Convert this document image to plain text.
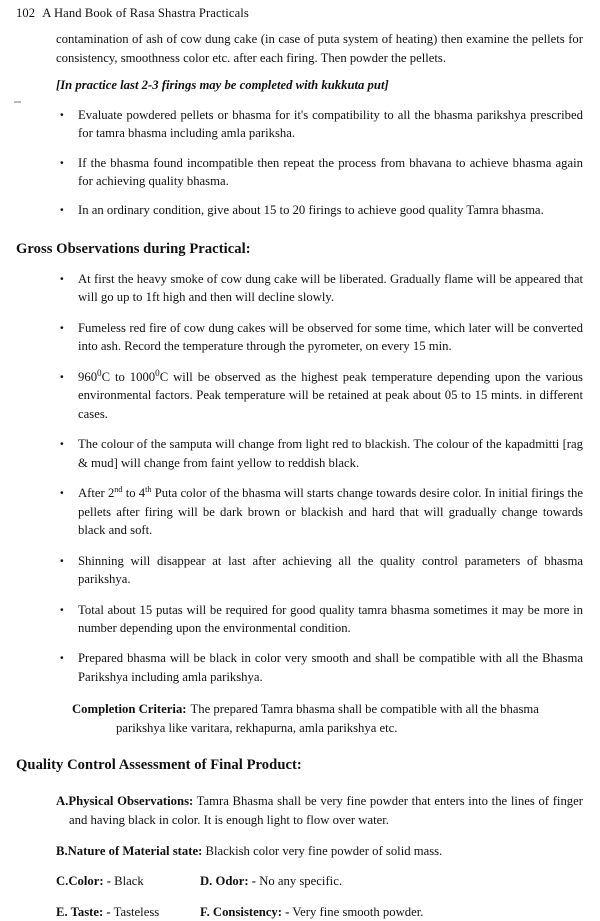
102 A Hand Book of Rasa Shastra Practicals

contamination of ash of cow dung cake (in case of puta system of heating) then examine the pellets for consistency, smoothness color etc. after each firing. Then powder the pellets.

[In practice last 2-3 firings may be completed with kukkuta put]

· Evaluate powdered pellets or bhasma for it's compatibility to all the bhasma parikshya prescribed for tamra bhasma including amla pariksha.
· If the bhasma found incompatible then repeat the process from bhavana to achieve bhasma again for achieving quality bhasma.
· In an ordinary condition, give about 15 to 20 firings to achieve good quality Tamra bhasma.
Gross Observations during Practical:
· At first the heavy smoke of cow dung cake will be liberated. Gradually flame will be appeared that will go up to 1ft high and then will decline slowly.
· Fumeless red fire of cow dung cakes will be observed for some time, which later will be converted into ash. Record the temperature through the pyrometer, on every 15 min.
· $960^0C$ to 1000$^0$C will be observed as the highest peak temperature depending upon the various environmental factors. Peak temperature will be retained at peak about 05 to 15 mints. in different cases.
· The colour of the samputa will change from light red to blackish. The colour of the kapadmitti [rag & mud] will change from faint yellow to reddish black.
· After 2nd to 4th Puta color of the bhasma will starts change towards desire color. In initial firings the pellets after firing will be dark brown or blackish and hard that will gradually change towards black and soft.
· Shinning will disappear at last after achieving all the quality control parameters of bhasma parikshya.
· Total about 15 putas will be required for good quality tamra bhasma sometimes it may be more in number depending upon the environmental condition.
· Prepared bhasma will be black in color very smooth and shall be compatible with all the Bhasma Parikshya including amla parikshya.

Completion Criteria: The prepared Tamra bhasma shall be compatible with all the bhasma parikshya like varitara, rekhapurna, amla parikshya etc.

Quality Control Assessment of Final Product:

A.Physical Observations: Tamra Bhasma shall be very fine powder that enters into the lines of finger and having black in color. It is enough light to flow over water.

B.Nature of Material state: Blackish color very fine powder of solid mass.

C.Color: - Black	D. Odor: - No any specific.
E. Taste: - Tasteless	F. Consistency: - Very fine smooth powder.
